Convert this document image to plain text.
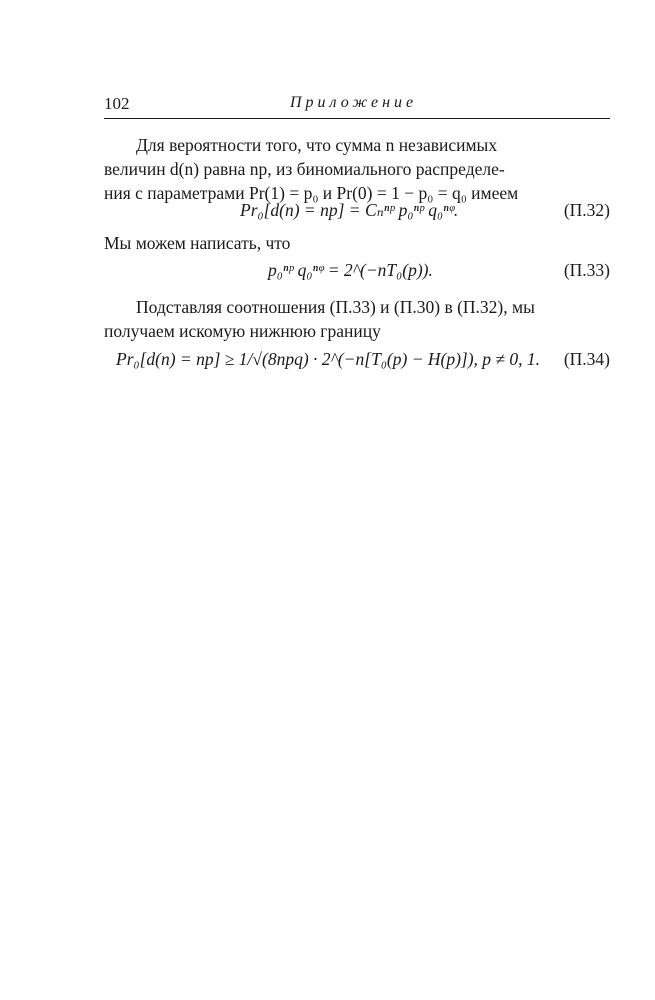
102	Приложение
Для вероятности того, что сумма n независимых
величин d(n) равна np, из биномиального распределе-
ния с параметрами Pr(1) = p₀ и Pr(0) = 1 − p₀ = q₀ имеем
Pr₀[d(n) = np] = Cₙⁿᵖ p₀ⁿᵖ q₀ⁿᵠ.	(П.32)
Мы можем написать, что
p₀ⁿᵖ q₀ⁿᵠ = 2^(−nT₀(p)).	(П.33)
Подставляя соотношения (П.33) и (П.30) в (П.32), мы
получаем искомую нижнюю границу
Pr₀[d(n) = np] ≥ 1/√(8npq) · 2^(−n[T₀(p) − H(p)]), p ≠ 0, 1. (П.34)
